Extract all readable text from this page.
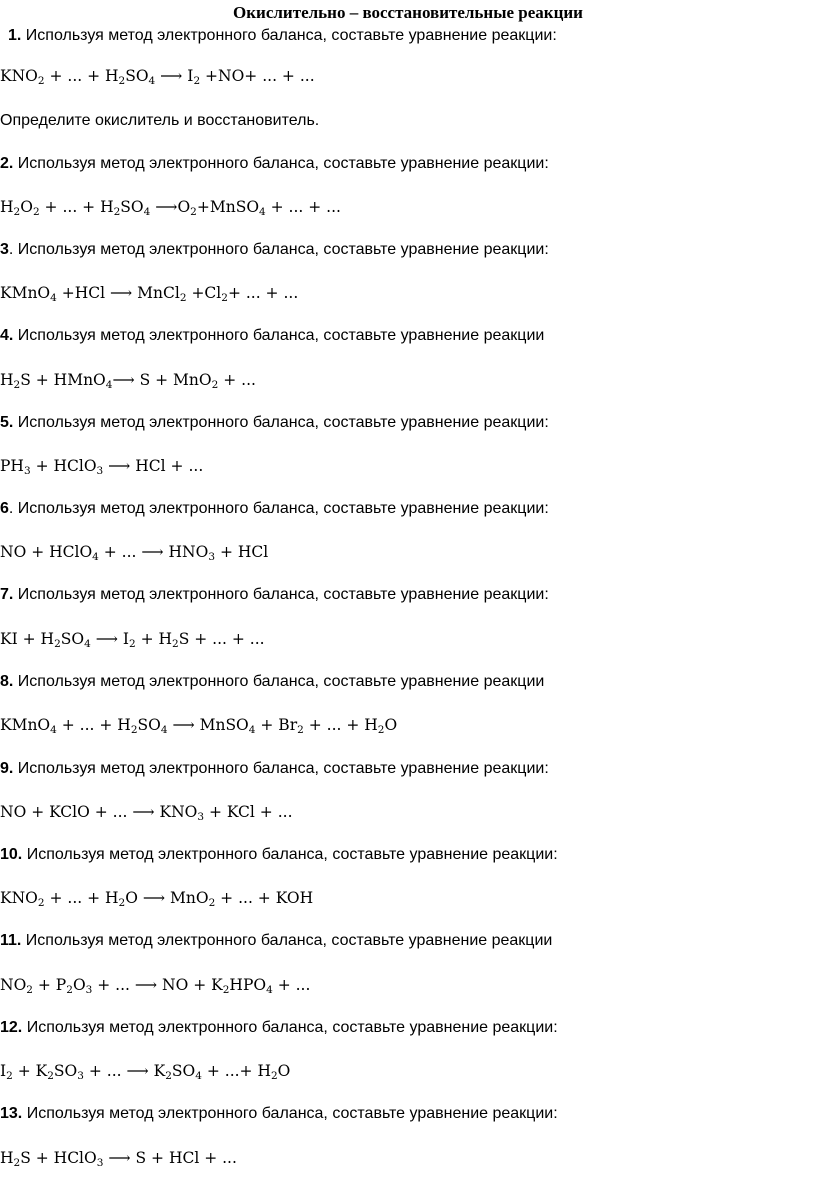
Окислительно – восстановительные реакции
1. Используя метод электронного баланса, составьте уравнение реакции:
$KNO_2$ + ... + $H_2SO_4$ ⟶ $I_2 +NO+$ ... + ...
Определите окислитель и восстановитель.
2. Используя метод электронного баланса, составьте уравнение реакции:
$H_2O_2$ + ... + $H_2SO_4$ $⟶O_2+MnSO_4$ + ... + ...
3. Используя метод электронного баланса, составьте уравнение реакции:
KMnO$_4$ +HCl ⟶ MnCl$_2$ $+Cl_2+$ ... + ...
4. Используя метод электронного баланса, составьте уравнение реакции
$H_2S$ + HMnO$_4$⟶ S + MnO$_2$ + ...
5. Используя метод электронного баланса, составьте уравнение реакции:
$PH_3$ + HClO$_3$ ⟶ HCl + ...
6. Используя метод электронного баланса, составьте уравнение реакции:
NO + HClO$_4$ + ... ⟶ $HNO_3$ + HCl
7. Используя метод электронного баланса, составьте уравнение реакции:
KI + $H_2SO_4$ ⟶ $I_2 + H_2S$ + ... + ...
8. Используя метод электронного баланса, составьте уравнение реакции
KMnO$_4$ + ... + $H_2SO_4$ ⟶ MnSO$_4$ + $Br_2$ + ... + $H_2O$
9. Используя метод электронного баланса, составьте уравнение реакции:
NO + KClO + ... ⟶ $KNO_3$ + KCl + ...
10. Используя метод электронного баланса, составьте уравнение реакции:
$KNO_2$ + ... + $H_2O$ ⟶ MnO$_2$ + ... + KOH
11. Используя метод электронного баланса, составьте уравнение реакции
$NO_2 + P_2O_3$ + ... ⟶ NO + $K_2HPO_4$ + ...
12. Используя метод электронного баланса, составьте уравнение реакции:
$I_2 + K_2SO_3$ + ... ⟶ $K_2SO_4$ + ...+ $H_2O$
13. Используя метод электронного баланса, составьте уравнение реакции:
$H_2S$ + HClO$_3$ ⟶ S + HCl + ...
